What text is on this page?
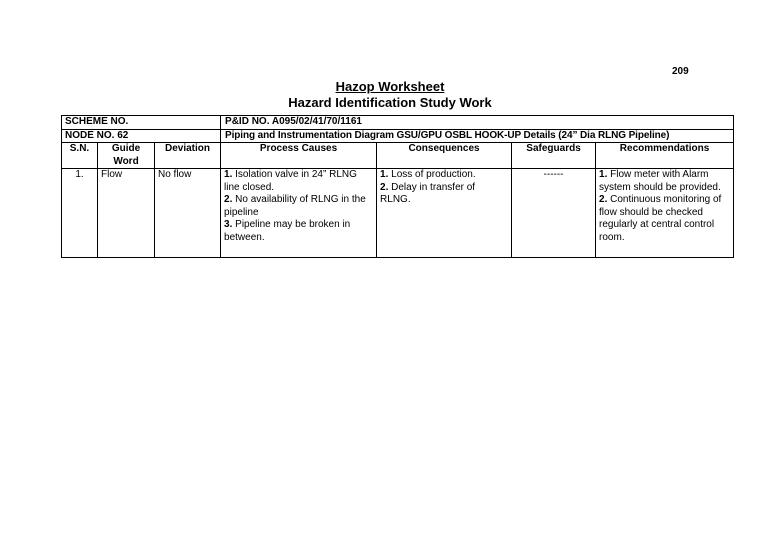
209
Hazop Worksheet
Hazard Identification Study Work
SCHEME NO.			P&ID NO. A095/02/41/70/1161			
NODE NO. 62			Piping and Instrumentation Diagram GSU/GPU OSBL HOOK-UP Details (24” Dia RLNG Pipeline)			
S.N.	Guide Word	Deviation	Process Causes	Consequences	Safeguards	Recommendations
1.	Flow	No flow	1. Isolation valve in 24” RLNG line closed.
2. No availability of RLNG in the pipeline
3. Pipeline may be broken in between.	1. Loss of production.
2. Delay in transfer of RLNG.	------	1. Flow meter with Alarm system should be provided.
2. Continuous monitoring of flow should be checked regularly at central control room.
